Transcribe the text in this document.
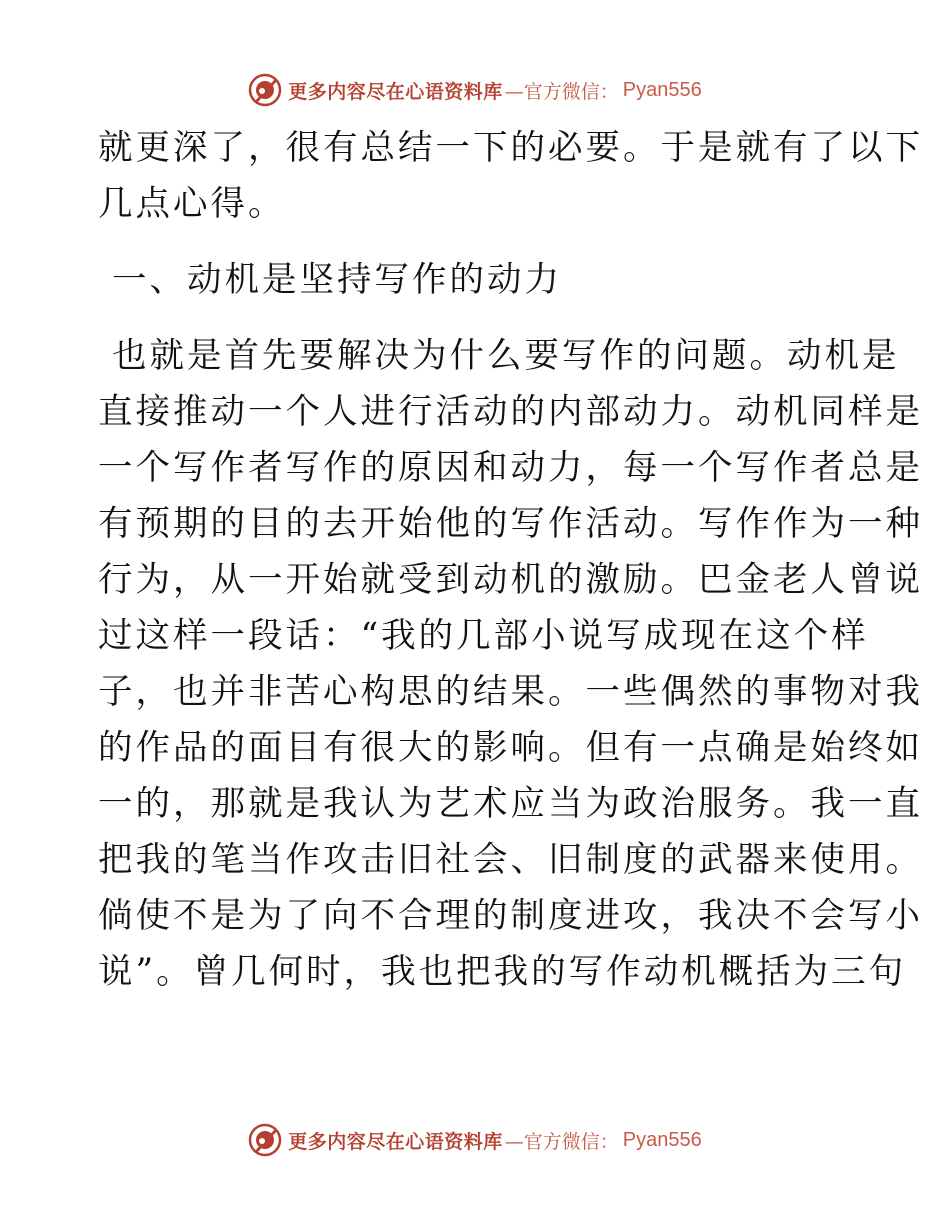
更多内容尽在心语资料库 —官方微信： Pyan556
就更深了，很有总结一下的必要。于是就有了以下
几点心得。
一、动机是坚持写作的动力
也就是首先要解决为什么要写作的问题。动机是
直接推动一个人进行活动的内部动力。动机同样是
一个写作者写作的原因和动力，每一个写作者总是
有预期的目的去开始他的写作活动。写作作为一种
行为，从一开始就受到动机的激励。巴金老人曾说
过这样一段话：“我的几部小说写成现在这个样
子，也并非苦心构思的结果。一些偶然的事物对我
的作品的面目有很大的影响。但有一点确是始终如
一的，那就是我认为艺术应当为政治服务。我一直
把我的笔当作攻击旧社会、旧制度的武器来使用。
倘使不是为了向不合理的制度进攻，我决不会写小
说”。曾几何时，我也把我的写作动机概括为三句
更多内容尽在心语资料库 —官方微信： Pyan556
